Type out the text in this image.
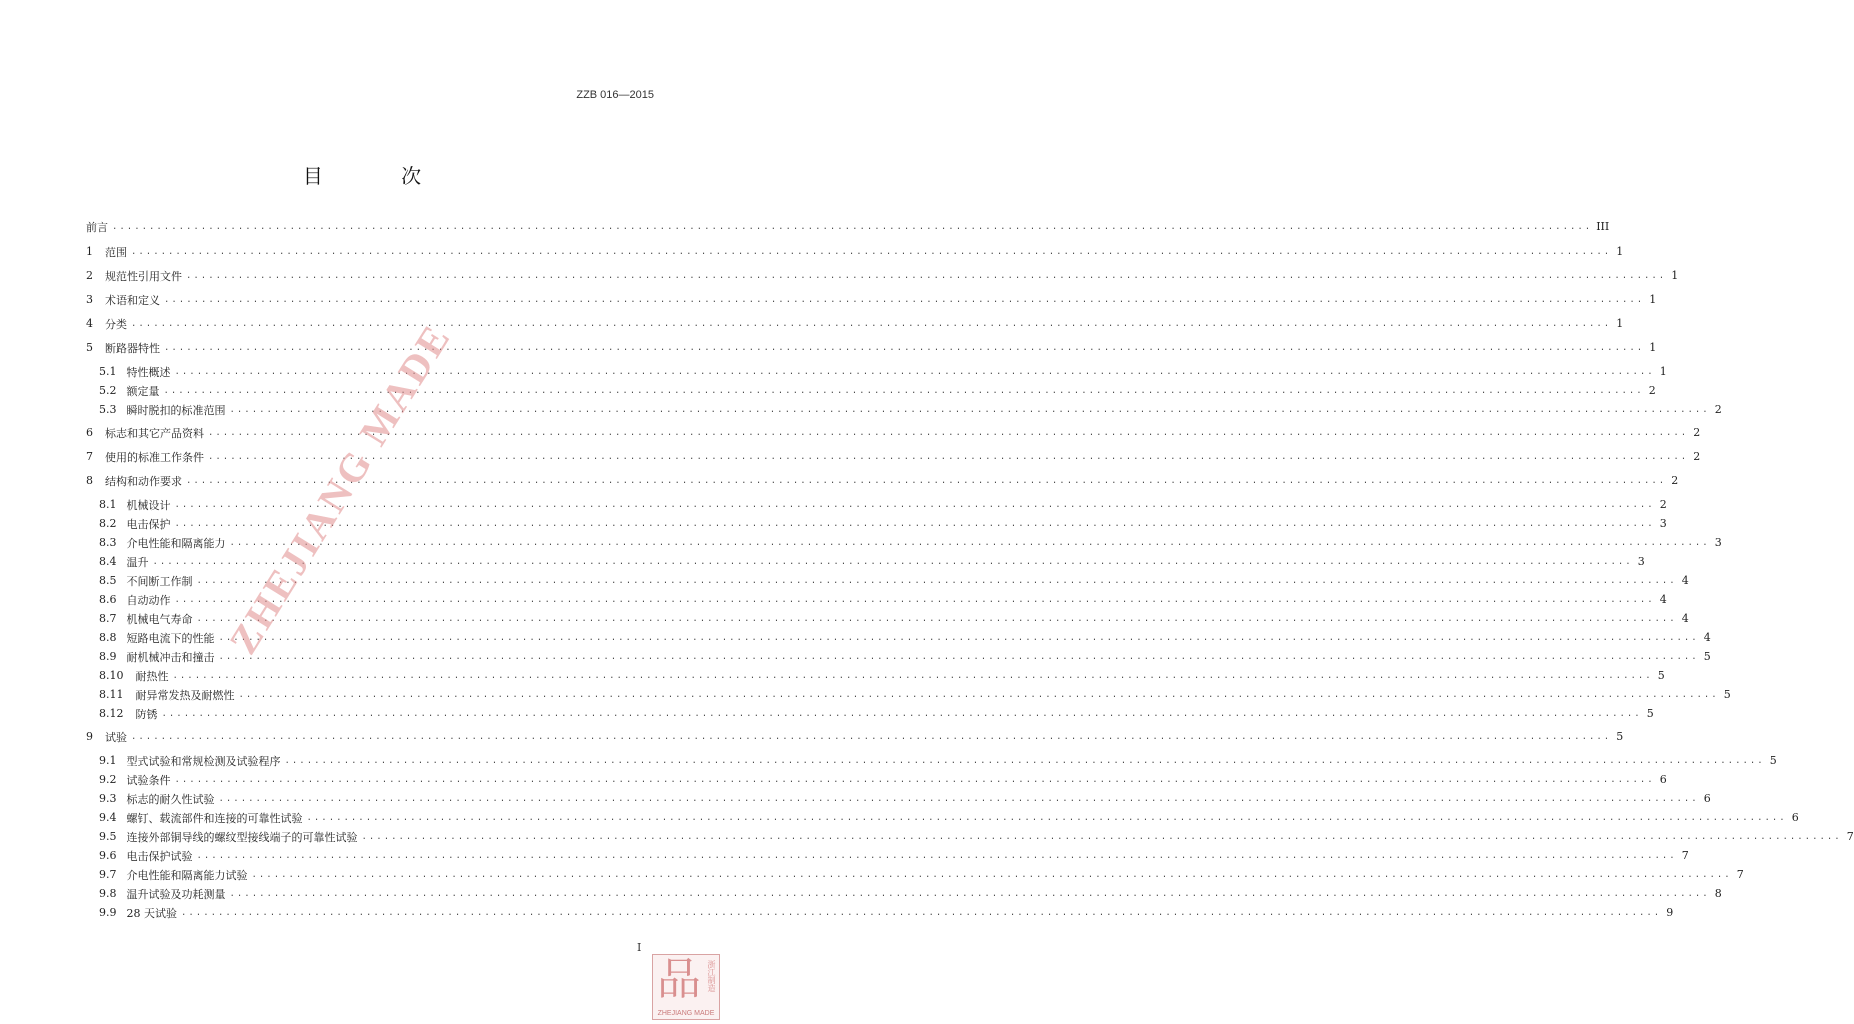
ZZB 016—2015
目 次
前言 ........................................................................................................................................................................................................ III
1 范围 ........................................................................................................................................................................................................ 1
2 规范性引用文件 ........................................................................................................................................................................................................ 1
3 术语和定义 ........................................................................................................................................................................................................ 1
4 分类 ........................................................................................................................................................................................................ 1
5 断路器特性 ........................................................................................................................................................................................................ 1
5.1 特性概述 ........................................................................................................................................................................................................ 1
5.2 额定量 ........................................................................................................................................................................................................ 2
5.3 瞬时脱扣的标准范围 ........................................................................................................................................................................................................ 2
6 标志和其它产品资料 ........................................................................................................................................................................................................ 2
7 使用的标准工作条件 ........................................................................................................................................................................................................ 2
8 结构和动作要求 ........................................................................................................................................................................................................ 2
8.1 机械设计 ........................................................................................................................................................................................................ 2
8.2 电击保护 ........................................................................................................................................................................................................ 3
8.3 介电性能和隔离能力 ........................................................................................................................................................................................................ 3
8.4 温升 ........................................................................................................................................................................................................ 3
8.5 不间断工作制 ........................................................................................................................................................................................................ 4
8.6 自动动作 ........................................................................................................................................................................................................ 4
8.7 机械电气寿命 ........................................................................................................................................................................................................ 4
8.8 短路电流下的性能 ........................................................................................................................................................................................................ 4
8.9 耐机械冲击和撞击 ........................................................................................................................................................................................................ 5
8.10 耐热性 ........................................................................................................................................................................................................ 5
8.11 耐异常发热及耐燃性 ........................................................................................................................................................................................................ 5
8.12 防锈 ........................................................................................................................................................................................................ 5
9 试验 ........................................................................................................................................................................................................ 5
9.1 型式试验和常规检测及试验程序 ........................................................................................................................................................................................................ 5
9.2 试验条件 ........................................................................................................................................................................................................ 6
9.3 标志的耐久性试验 ........................................................................................................................................................................................................ 6
9.4 螺钉、载流部件和连接的可靠性试验 ........................................................................................................................................................................................................ 6
9.5 连接外部铜导线的螺纹型接线端子的可靠性试验 ........................................................................................................................................................................................................ 7
9.6 电击保护试验 ........................................................................................................................................................................................................ 7
9.7 介电性能和隔离能力试验 ........................................................................................................................................................................................................ 7
9.8 温升试验及功耗测量 ........................................................................................................................................................................................................ 8
9.9 28 天试验 ........................................................................................................................................................................................................ 9
ZHEJIANG MADE
I
品 浙江制造
ZHEJIANG MADE
